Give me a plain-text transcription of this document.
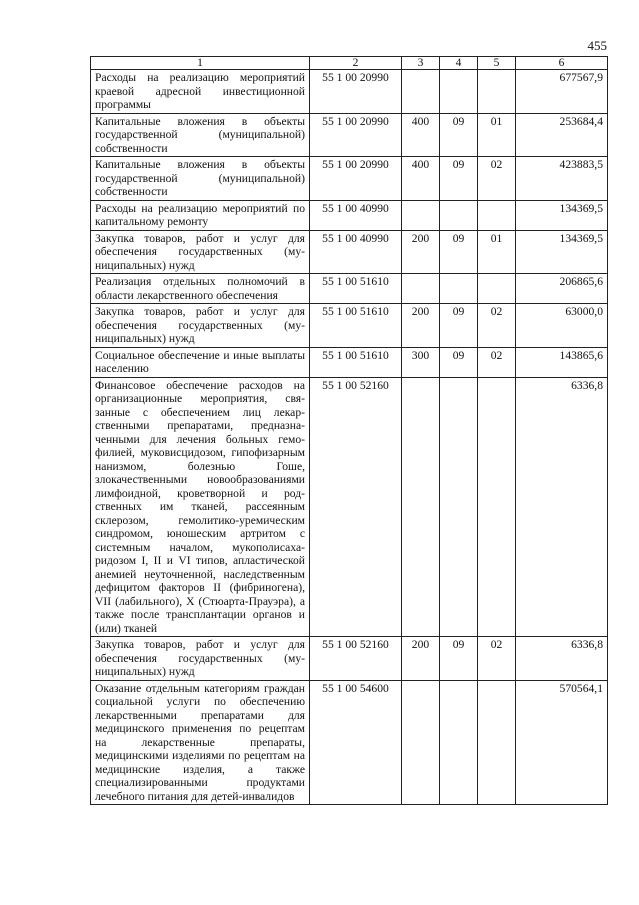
455
1	2	3	4	5	6
Расходы на реализацию мероприятий краевой адресной инвестиционной программы	55 1 00 20990				677567,9
Капитальные вложения в объекты государственной (муниципальной) собственности	55 1 00 20990	400	09	01	253684,4
Капитальные вложения в объекты государственной (муниципальной) собственности	55 1 00 20990	400	09	02	423883,5
Расходы на реализацию мероприятий по капитальному ремонту	55 1 00 40990				134369,5
Закупка товаров, работ и услуг для обеспечения государственных (муниципальных) нужд	55 1 00 40990	200	09	01	134369,5
Реализация отдельных полномочий в области лекарственного обеспечения	55 1 00 51610				206865,6
Закупка товаров, работ и услуг для обеспечения государственных (муниципальных) нужд	55 1 00 51610	200	09	02	63000,0
Социальное обеспечение и иные выплаты населению	55 1 00 51610	300	09	02	143865,6
Финансовое обеспечение расходов на организационные мероприятия, связанные с обеспечением лиц лекарственными препаратами, предназначенными для лечения больных гемофилией, муковисцидозом, гипофизарным нанизмом, болезнью Гоше, злокачественными новообразованиями лимфоидной, кроветворной и родственных им тканей, рассеянным склерозом, гемолитико-уремическим синдромом, юношеским артритом с системным началом, мукополисахаридозом I, II и VI типов, апластической анемией неуточненной, наследственным дефицитом факторов II (фибриногена), VII (лабильного), X (Стюарта-Прауэра), а также после трансплантации органов и (или) тканей	55 1 00 52160				6336,8
Закупка товаров, работ и услуг для обеспечения государственных (муниципальных) нужд	55 1 00 52160	200	09	02	6336,8
Оказание отдельным категориям граждан социальной услуги по обеспечению лекарственными препаратами для медицинского применения по рецептам на лекарственные препараты, медицинскими изделиями по рецептам на медицинские изделия, а также специализированными продуктами лечебного питания для детей-инвалидов	55 1 00 54600				570564,1
